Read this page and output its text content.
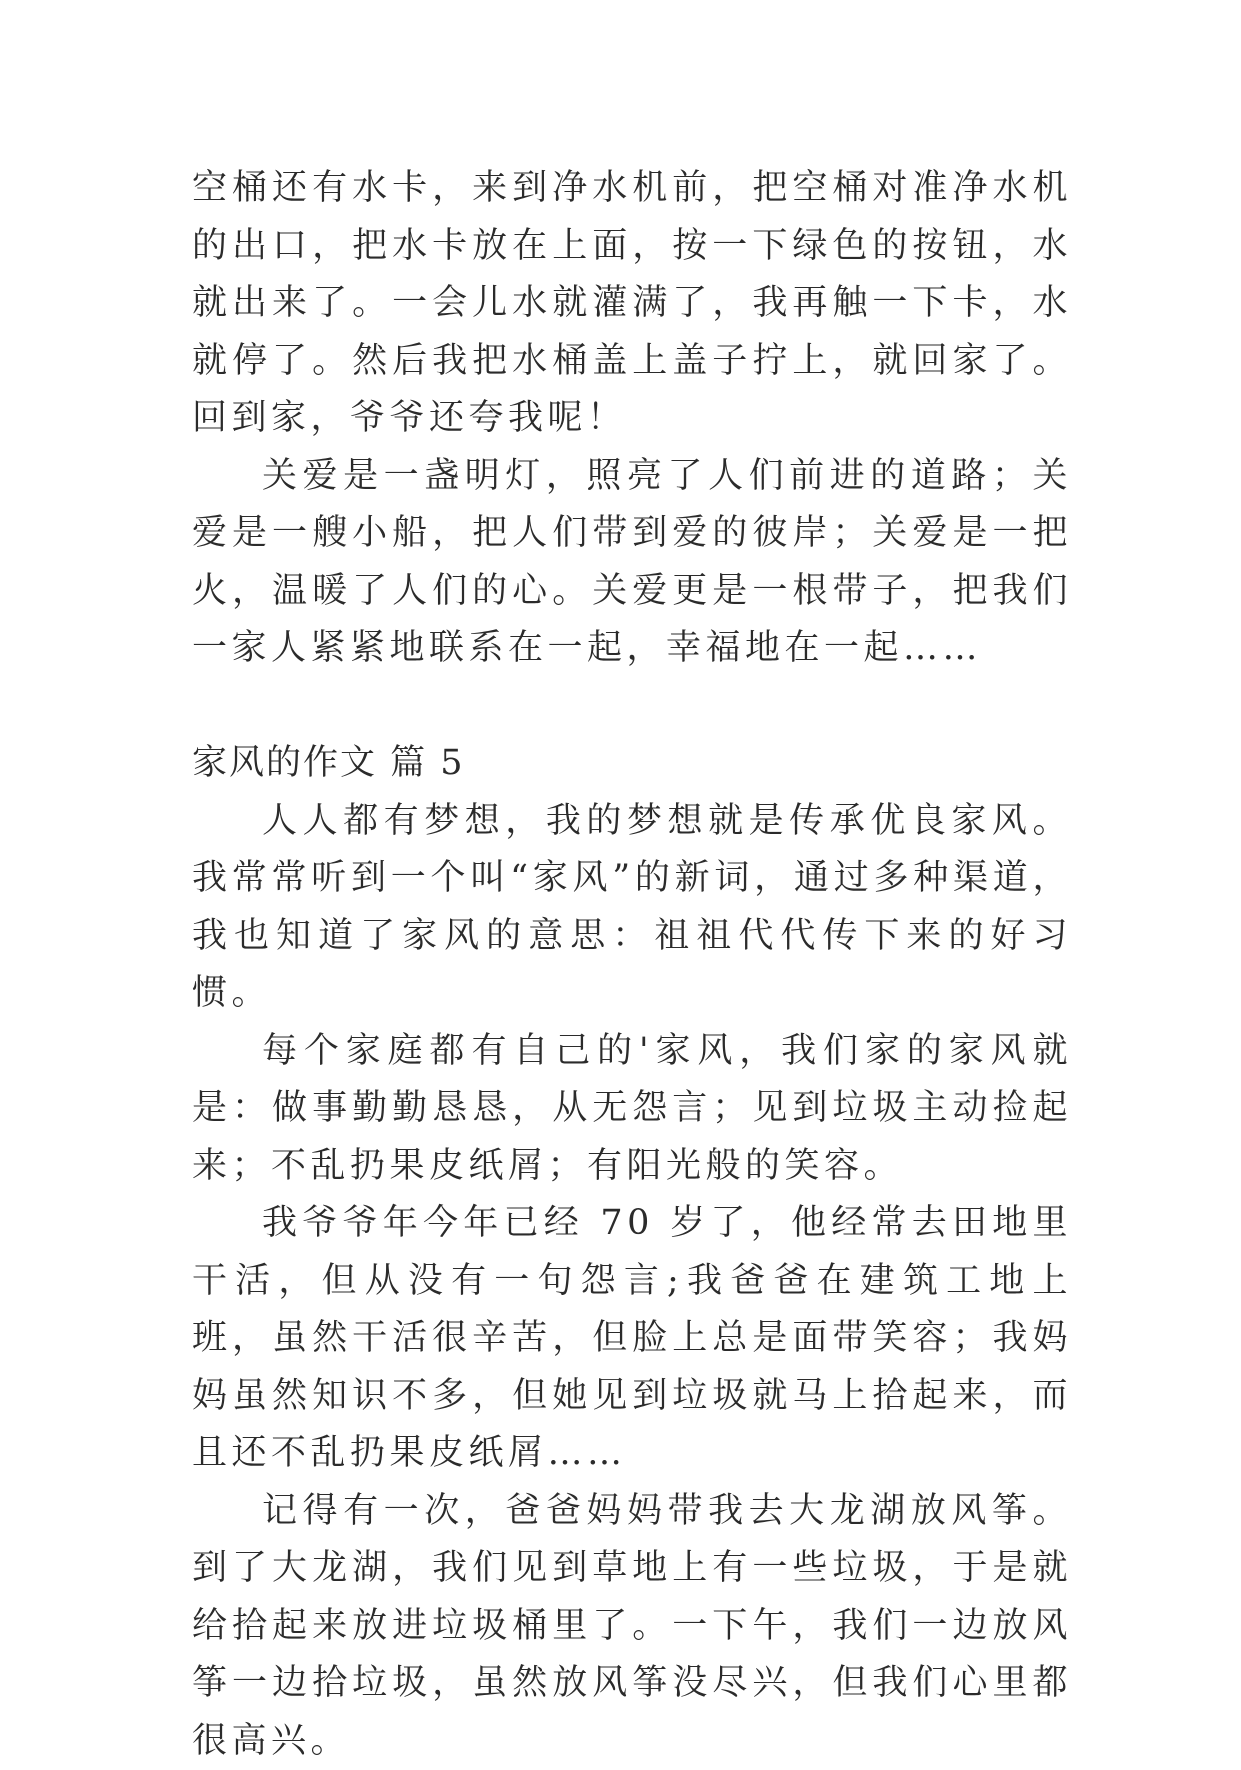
空桶还有水卡，来到净水机前，把空桶对准净水机的出口，把水卡放在上面，按一下绿色的按钮，水就出来了。一会儿水就灌满了，我再触一下卡，水就停了。然后我把水桶盖上盖子拧上，就回家了。回到家，爷爷还夸我呢！

关爱是一盏明灯，照亮了人们前进的道路；关爱是一艘小船，把人们带到爱的彼岸；关爱是一把火，温暖了人们的心。关爱更是一根带子，把我们一家人紧紧地联系在一起，幸福地在一起……

家风的作文 篇 5

人人都有梦想，我的梦想就是传承优良家风。我常常听到一个叫“家风”的新词，通过多种渠道，我也知道了家风的意思：祖祖代代传下来的好习惯。

每个家庭都有自己的'家风，我们家的家风就是：做事勤勤恳恳，从无怨言；见到垃圾主动捡起来；不乱扔果皮纸屑；有阳光般的笑容。

我爷爷年今年已经 70 岁了，他经常去田地里干活，但从没有一句怨言;我爸爸在建筑工地上班，虽然干活很辛苦，但脸上总是面带笑容；我妈妈虽然知识不多，但她见到垃圾就马上拾起来，而且还不乱扔果皮纸屑……

记得有一次，爸爸妈妈带我去大龙湖放风筝。到了大龙湖，我们见到草地上有一些垃圾，于是就给拾起来放进垃圾桶里了。一下午，我们一边放风筝一边拾垃圾，虽然放风筝没尽兴，但我们心里都很高兴。
